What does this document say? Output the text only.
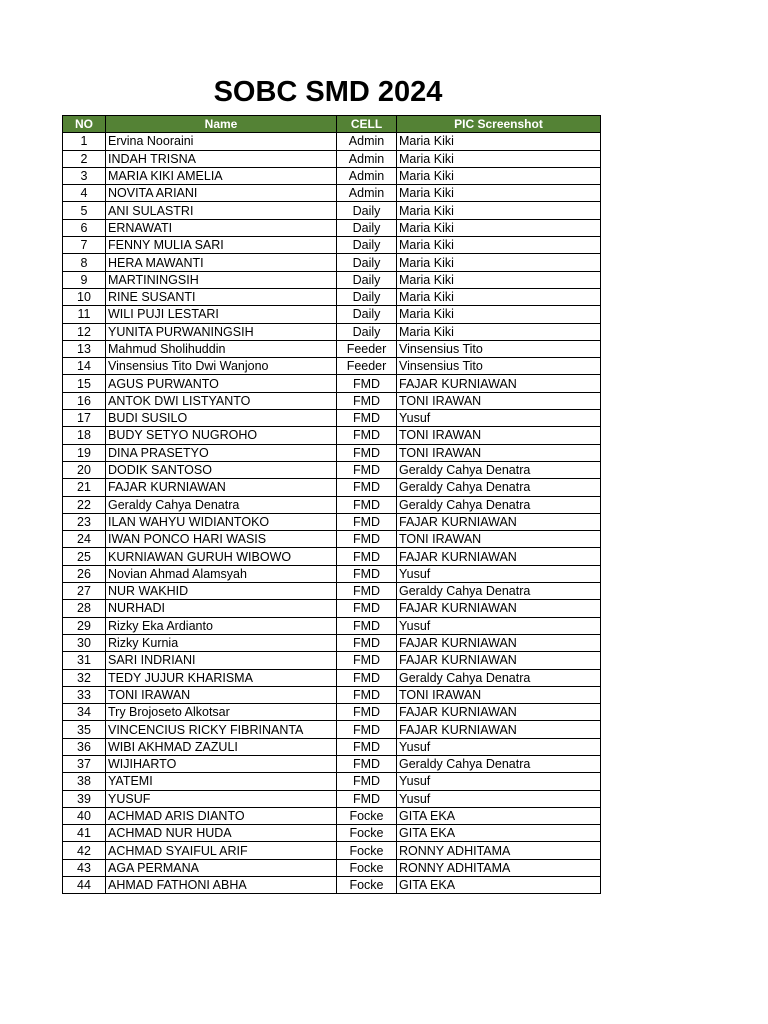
SOBC SMD 2024
NO	Name	CELL	PIC Screenshot
1	Ervina Nooraini	Admin	Maria Kiki
2	INDAH TRISNA	Admin	Maria Kiki
3	MARIA KIKI AMELIA	Admin	Maria Kiki
4	NOVITA ARIANI	Admin	Maria Kiki
5	ANI SULASTRI	Daily	Maria Kiki
6	ERNAWATI	Daily	Maria Kiki
7	FENNY MULIA SARI	Daily	Maria Kiki
8	HERA MAWANTI	Daily	Maria Kiki
9	MARTININGSIH	Daily	Maria Kiki
10	RINE SUSANTI	Daily	Maria Kiki
11	WILI PUJI LESTARI	Daily	Maria Kiki
12	YUNITA PURWANINGSIH	Daily	Maria Kiki
13	Mahmud Sholihuddin	Feeder	Vinsensius Tito
14	Vinsensius Tito Dwi Wanjono	Feeder	Vinsensius Tito
15	AGUS PURWANTO	FMD	FAJAR KURNIAWAN
16	ANTOK DWI LISTYANTO	FMD	TONI IRAWAN
17	BUDI SUSILO	FMD	Yusuf
18	BUDY SETYO NUGROHO	FMD	TONI IRAWAN
19	DINA PRASETYO	FMD	TONI IRAWAN
20	DODIK SANTOSO	FMD	Geraldy Cahya Denatra
21	FAJAR KURNIAWAN	FMD	Geraldy Cahya Denatra
22	Geraldy Cahya Denatra	FMD	Geraldy Cahya Denatra
23	ILAN WAHYU WIDIANTOKO	FMD	FAJAR KURNIAWAN
24	IWAN PONCO HARI WASIS	FMD	TONI IRAWAN
25	KURNIAWAN GURUH WIBOWO	FMD	FAJAR KURNIAWAN
26	Novian Ahmad Alamsyah	FMD	Yusuf
27	NUR WAKHID	FMD	Geraldy Cahya Denatra
28	NURHADI	FMD	FAJAR KURNIAWAN
29	Rizky Eka Ardianto	FMD	Yusuf
30	Rizky Kurnia	FMD	FAJAR KURNIAWAN
31	SARI INDRIANI	FMD	FAJAR KURNIAWAN
32	TEDY JUJUR KHARISMA	FMD	Geraldy Cahya Denatra
33	TONI IRAWAN	FMD	TONI IRAWAN
34	Try Brojoseto Alkotsar	FMD	FAJAR KURNIAWAN
35	VINCENCIUS RICKY FIBRINANTA	FMD	FAJAR KURNIAWAN
36	WIBI AKHMAD ZAZULI	FMD	Yusuf
37	WIJIHARTO	FMD	Geraldy Cahya Denatra
38	YATEMI	FMD	Yusuf
39	YUSUF	FMD	Yusuf
40	ACHMAD ARIS DIANTO	Focke	GITA EKA
41	ACHMAD NUR HUDA	Focke	GITA EKA
42	ACHMAD SYAIFUL ARIF	Focke	RONNY ADHITAMA
43	AGA PERMANA	Focke	RONNY ADHITAMA
44	AHMAD FATHONI ABHA	Focke	GITA EKA
